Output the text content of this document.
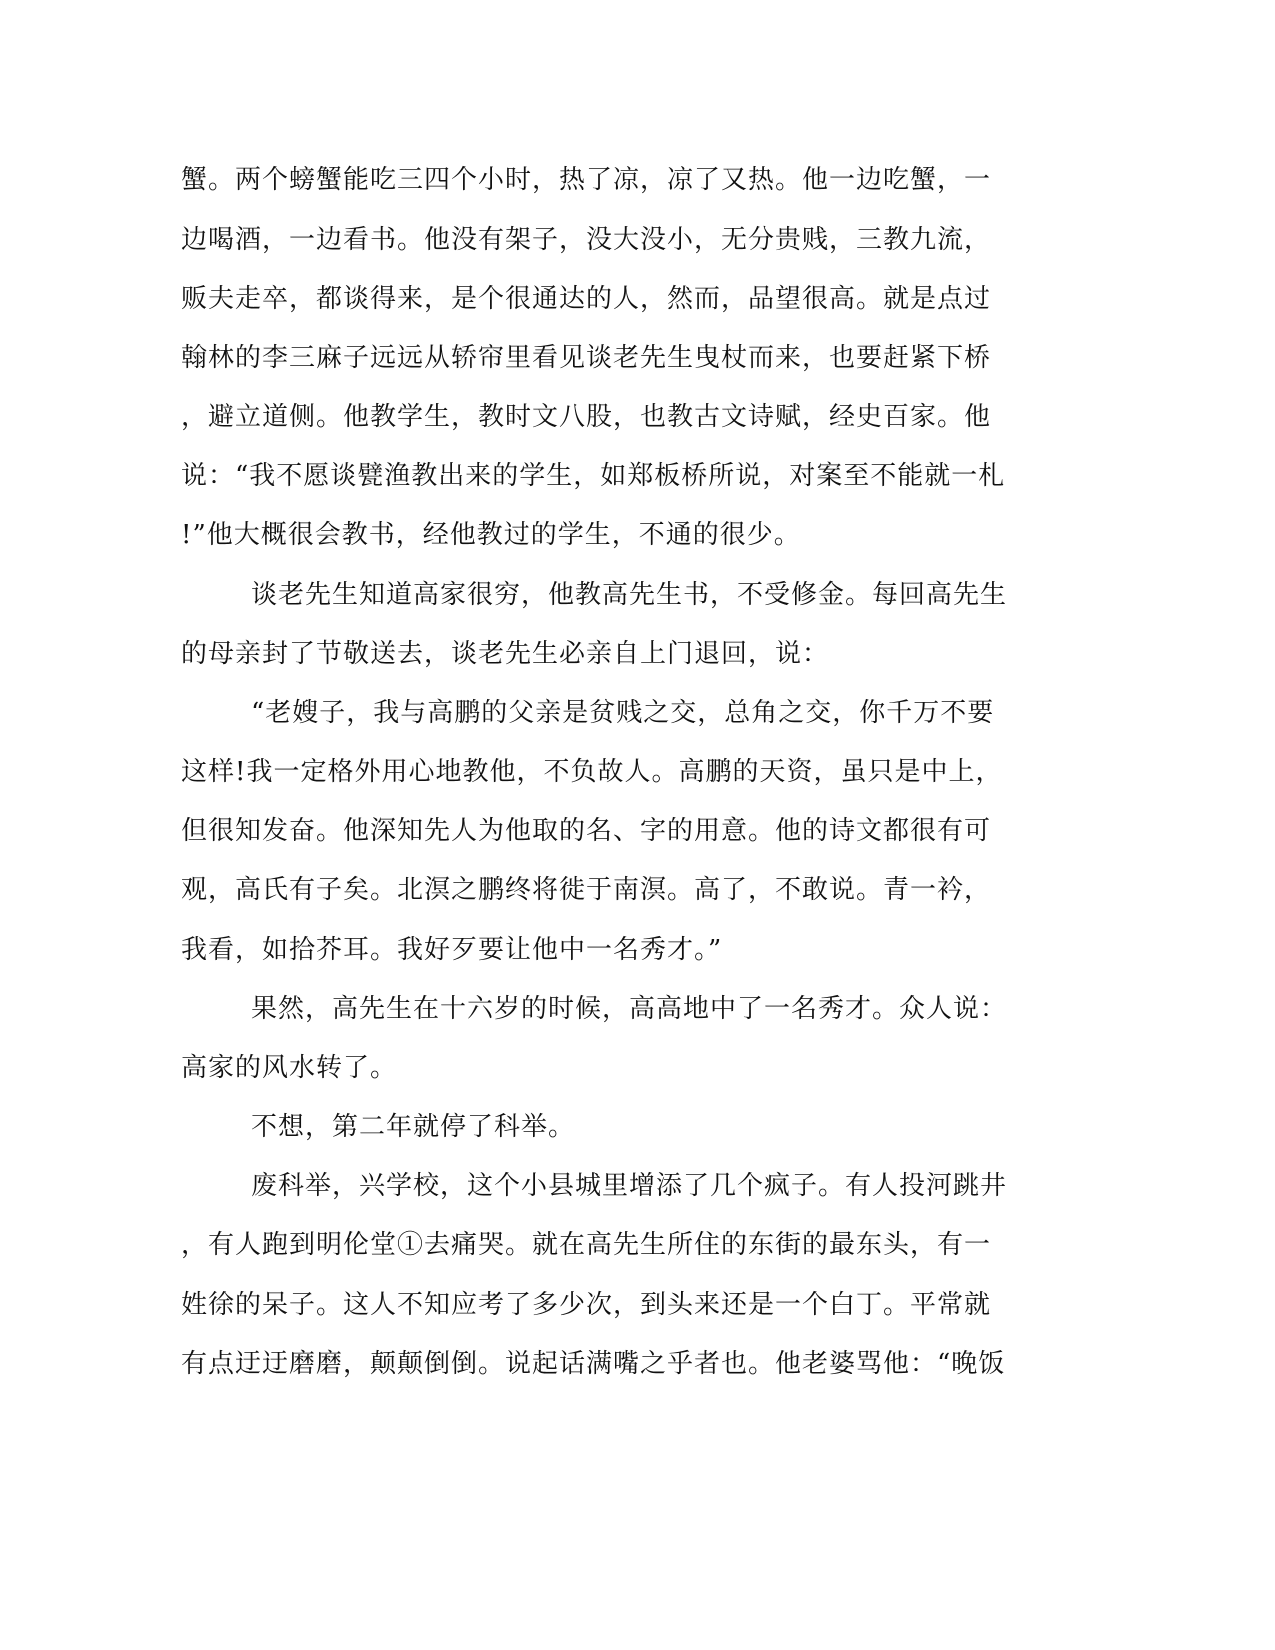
蟹。两个螃蟹能吃三四个小时，热了凉，凉了又热。他一边吃蟹，一
边喝酒，一边看书。他没有架子，没大没小，无分贵贱，三教九流，
贩夫走卒，都谈得来，是个很通达的人，然而，品望很高。就是点过
翰林的李三麻子远远从轿帘里看见谈老先生曳杖而来，也要赶紧下桥
，避立道侧。他教学生，教时文八股，也教古文诗赋，经史百家。他
说：“我不愿谈甓渔教出来的学生，如郑板桥所说，对案至不能就一札
!”他大概很会教书，经他教过的学生，不通的很少。
谈老先生知道高家很穷，他教高先生书，不受修金。每回高先生
的母亲封了节敬送去，谈老先生必亲自上门退回，说：
“老嫂子，我与高鹏的父亲是贫贱之交，总角之交，你千万不要
这样!我一定格外用心地教他，不负故人。高鹏的天资，虽只是中上，
但很知发奋。他深知先人为他取的名、字的用意。他的诗文都很有可
观，高氏有子矣。北溟之鹏终将徙于南溟。高了，不敢说。青一衿，
我看，如拾芥耳。我好歹要让他中一名秀才。”
果然，高先生在十六岁的时候，高高地中了一名秀才。众人说：
高家的风水转了。
不想，第二年就停了科举。
废科举，兴学校，这个小县城里增添了几个疯子。有人投河跳井
，有人跑到明伦堂①去痛哭。就在高先生所住的东街的最东头，有一
姓徐的呆子。这人不知应考了多少次，到头来还是一个白丁。平常就
有点迂迂磨磨，颠颠倒倒。说起话满嘴之乎者也。他老婆骂他：“晚饭
